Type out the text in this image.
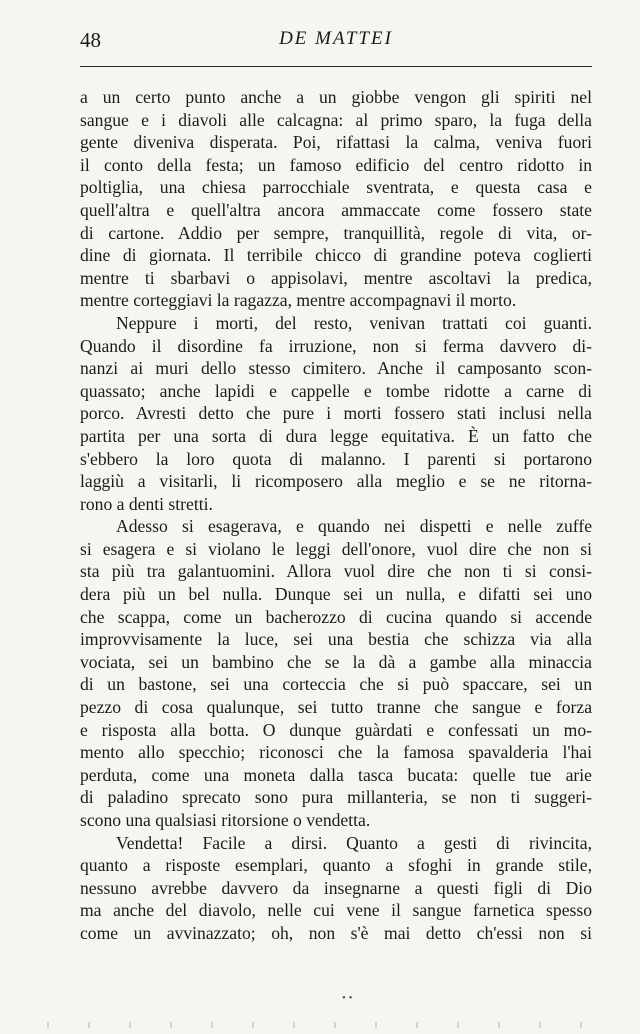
48	DE MATTEI
a un certo punto anche a un giobbe vengon gli spiriti nel
sangue e i diavoli alle calcagna: al primo sparo, la fuga della
gente diveniva disperata. Poi, rifattasi la calma, veniva fuori
il conto della festa; un famoso edificio del centro ridotto in
poltiglia, una chiesa parrocchiale sventrata, e questa casa e
quell'altra e quell'altra ancora ammaccate come fossero state
di cartone. Addio per sempre, tranquillità, regole di vita, or-
dine di giornata. Il terribile chicco di grandine poteva coglierti
mentre ti sbarbavi o appisolavi, mentre ascoltavi la predica,
mentre corteggiavi la ragazza, mentre accompagnavi il morto.
Neppure i morti, del resto, venivan trattati coi guanti.
Quando il disordine fa irruzione, non si ferma davvero di-
nanzi ai muri dello stesso cimitero. Anche il camposanto scon-
quassato; anche lapidi e cappelle e tombe ridotte a carne di
porco. Avresti detto che pure i morti fossero stati inclusi nella
partita per una sorta di dura legge equitativa. È un fatto che
s'ebbero la loro quota di malanno. I parenti si portarono
laggiù a visitarli, li ricomposero alla meglio e se ne ritorna-
rono a denti stretti.
Adesso si esagerava, e quando nei dispetti e nelle zuffe
si esagera e si violano le leggi dell'onore, vuol dire che non si
sta più tra galantuomini. Allora vuol dire che non ti si consi-
dera più un bel nulla. Dunque sei un nulla, e difatti sei uno
che scappa, come un bacherozzo di cucina quando si accende
improvvisamente la luce, sei una bestia che schizza via alla
vociata, sei un bambino che se la dà a gambe alla minaccia
di un bastone, sei una corteccia che si può spaccare, sei un
pezzo di cosa qualunque, sei tutto tranne che sangue e forza
e risposta alla botta. O dunque guàrdati e confessati un mo-
mento allo specchio; riconosci che la famosa spavalderia l'hai
perduta, come una moneta dalla tasca bucata: quelle tue arie
di paladino sprecato sono pura millanteria, se non ti suggeri-
scono una qualsiasi ritorsione o vendetta.
Vendetta! Facile a dirsi. Quanto a gesti di rivincita,
quanto a risposte esemplari, quanto a sfoghi in grande stile,
nessuno avrebbe davvero da insegnarne a questi figli di Dio
ma anche del diavolo, nelle cui vene il sangue farnetica spesso
come un avvinazzato; oh, non s'è mai detto ch'essi non si
• •
